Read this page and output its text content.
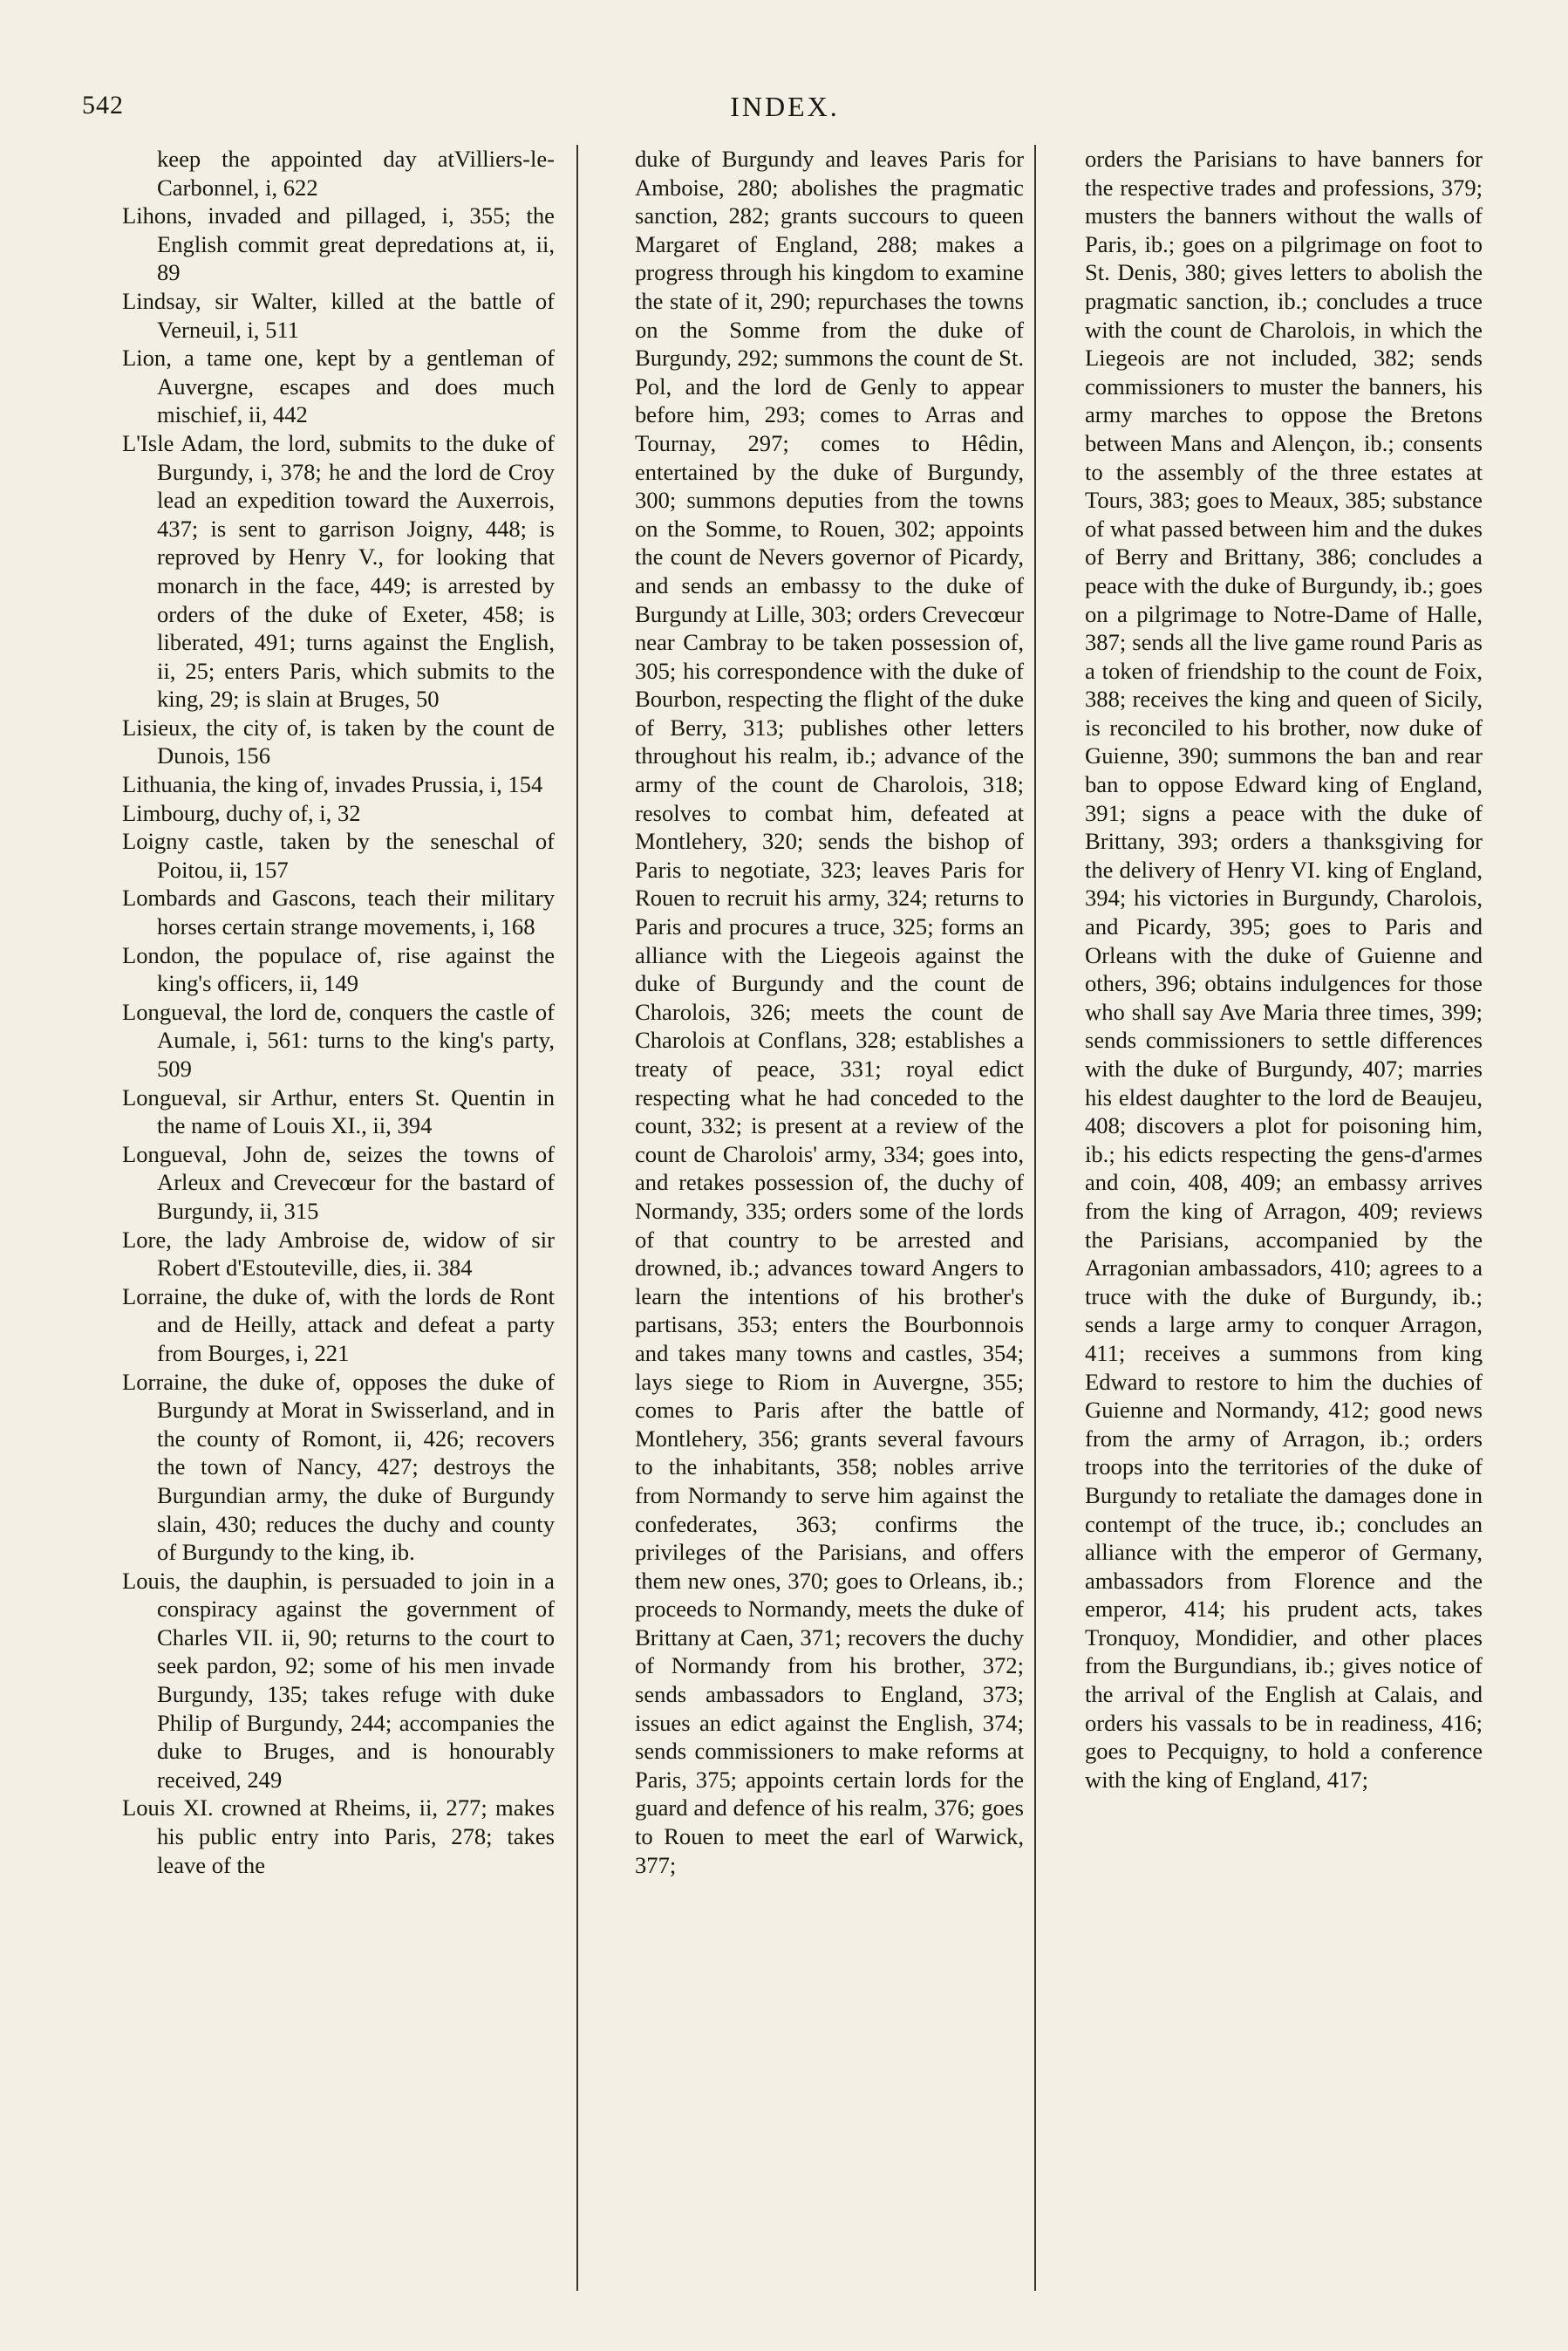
542	INDEX.

keep the appointed day atVilliers-le-Carbonnel, i, 622

Lihons, invaded and pillaged, i, 355; the English commit great depredations at, ii, 89

Lindsay, sir Walter, killed at the battle of Verneuil, i, 511

Lion, a tame one, kept by a gentleman of Auvergne, escapes and does much mischief, ii, 442

L'Isle Adam, the lord, submits to the duke of Burgundy, i, 378; he and the lord de Croy lead an expedition toward the Auxerrois, 437; is sent to garrison Joigny, 448; is reproved by Henry V., for looking that monarch in the face, 449; is arrested by orders of the duke of Exeter, 458; is liberated, 491; turns against the English, ii, 25; enters Paris, which submits to the king, 29; is slain at Bruges, 50

Lisieux, the city of, is taken by the count de Dunois, 156

Lithuania, the king of, invades Prussia, i, 154

Limbourg, duchy of, i, 32

Loigny castle, taken by the seneschal of Poitou, ii, 157

Lombards and Gascons, teach their military horses certain strange movements, i, 168

London, the populace of, rise against the king's officers, ii, 149

Longueval, the lord de, conquers the castle of Aumale, i, 561: turns to the king's party, 509

Longueval, sir Arthur, enters St. Quentin in the name of Louis XI., ii, 394

Longueval, John de, seizes the towns of Arleux and Crevecœur for the bastard of Burgundy, ii, 315

Lore, the lady Ambroise de, widow of sir Robert d'Estouteville, dies, ii. 384

Lorraine, the duke of, with the lords de Ront and de Heilly, attack and defeat a party from Bourges, i, 221

Lorraine, the duke of, opposes the duke of Burgundy at Morat in Swisserland, and in the county of Romont, ii, 426; recovers the town of Nancy, 427; destroys the Burgundian army, the duke of Burgundy slain, 430; reduces the duchy and county of Burgundy to the king, ib.

Louis, the dauphin, is persuaded to join in a conspiracy against the government of Charles VII. ii, 90; returns to the court to seek pardon, 92; some of his men invade Burgundy, 135; takes refuge with duke Philip of Burgundy, 244; accompanies the duke to Bruges, and is honourably received, 249

Louis XI. crowned at Rheims, ii, 277; makes his public entry into Paris, 278; takes leave of the

duke of Burgundy and leaves Paris for Amboise, 280; abolishes the pragmatic sanction, 282; grants succours to queen Margaret of England, 288; makes a progress through his kingdom to examine the state of it, 290; repurchases the towns on the Somme from the duke of Burgundy, 292; summons the count de St. Pol, and the lord de Genly to appear before him, 293; comes to Arras and Tournay, 297; comes to Hêdin, entertained by the duke of Burgundy, 300; summons deputies from the towns on the Somme, to Rouen, 302; appoints the count de Nevers governor of Picardy, and sends an embassy to the duke of Burgundy at Lille, 303; orders Crevecœur near Cambray to be taken possession of, 305; his correspondence with the duke of Bourbon, respecting the flight of the duke of Berry, 313; publishes other letters throughout his realm, ib.; advance of the army of the count de Charolois, 318; resolves to combat him, defeated at Montlehery, 320; sends the bishop of Paris to negotiate, 323; leaves Paris for Rouen to recruit his army, 324; returns to Paris and procures a truce, 325; forms an alliance with the Liegeois against the duke of Burgundy and the count de Charolois, 326; meets the count de Charolois at Conflans, 328; establishes a treaty of peace, 331; royal edict respecting what he had conceded to the count, 332; is present at a review of the count de Charolois' army, 334; goes into, and retakes possession of, the duchy of Normandy, 335; orders some of the lords of that country to be arrested and drowned, ib.; advances toward Angers to learn the intentions of his brother's partisans, 353; enters the Bourbonnois and takes many towns and castles, 354; lays siege to Riom in Auvergne, 355; comes to Paris after the battle of Montlehery, 356; grants several favours to the inhabitants, 358; nobles arrive from Normandy to serve him against the confederates, 363; confirms the privileges of the Parisians, and offers them new ones, 370; goes to Orleans, ib.; proceeds to Normandy, meets the duke of Brittany at Caen, 371; recovers the duchy of Normandy from his brother, 372; sends ambassadors to England, 373; issues an edict against the English, 374; sends commissioners to make reforms at Paris, 375; appoints certain lords for the guard and defence of his realm, 376; goes to Rouen to meet the earl of Warwick, 377;

orders the Parisians to have banners for the respective trades and professions, 379; musters the banners without the walls of Paris, ib.; goes on a pilgrimage on foot to St. Denis, 380; gives letters to abolish the pragmatic sanction, ib.; concludes a truce with the count de Charolois, in which the Liegeois are not included, 382; sends commissioners to muster the banners, his army marches to oppose the Bretons between Mans and Alençon, ib.; consents to the assembly of the three estates at Tours, 383; goes to Meaux, 385; substance of what passed between him and the dukes of Berry and Brittany, 386; concludes a peace with the duke of Burgundy, ib.; goes on a pilgrimage to Notre-Dame of Halle, 387; sends all the live game round Paris as a token of friendship to the count de Foix, 388; receives the king and queen of Sicily, is reconciled to his brother, now duke of Guienne, 390; summons the ban and rear ban to oppose Edward king of England, 391; signs a peace with the duke of Brittany, 393; orders a thanksgiving for the delivery of Henry VI. king of England, 394; his victories in Burgundy, Charolois, and Picardy, 395; goes to Paris and Orleans with the duke of Guienne and others, 396; obtains indulgences for those who shall say Ave Maria three times, 399; sends commissioners to settle differences with the duke of Burgundy, 407; marries his eldest daughter to the lord de Beaujeu, 408; discovers a plot for poisoning him, ib.; his edicts respecting the gens-d'armes and coin, 408, 409; an embassy arrives from the king of Arragon, 409; reviews the Parisians, accompanied by the Arragonian ambassadors, 410; agrees to a truce with the duke of Burgundy, ib.; sends a large army to conquer Arragon, 411; receives a summons from king Edward to restore to him the duchies of Guienne and Normandy, 412; good news from the army of Arragon, ib.; orders troops into the territories of the duke of Burgundy to retaliate the damages done in contempt of the truce, ib.; concludes an alliance with the emperor of Germany, ambassadors from Florence and the emperor, 414; his prudent acts, takes Tronquoy, Mondidier, and other places from the Burgundians, ib.; gives notice of the arrival of the English at Calais, and orders his vassals to be in readiness, 416; goes to Pecquigny, to hold a conference with the king of England, 417;
